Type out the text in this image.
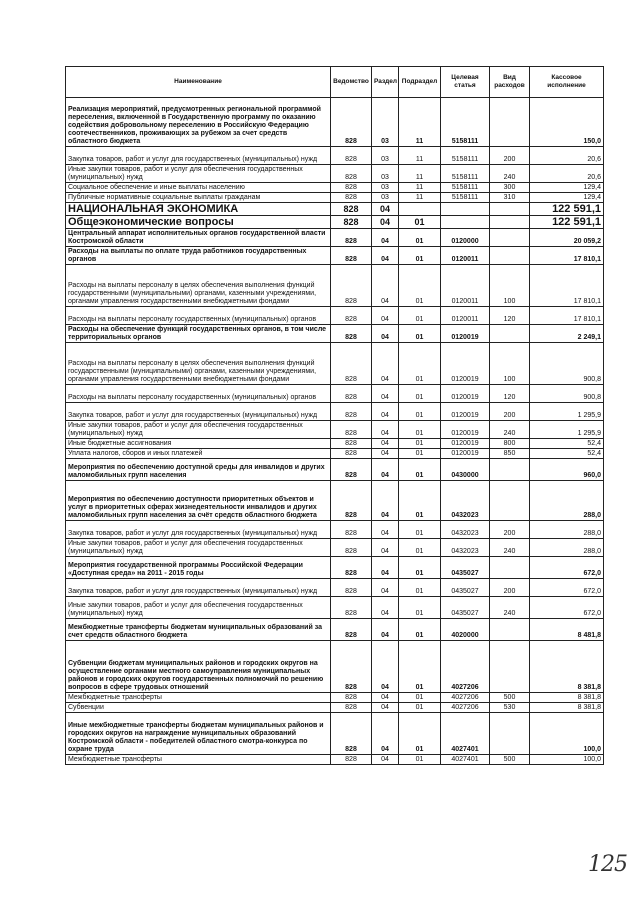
Наименование	Ведомство	Раздел	Подраздел	Целевая статья	Вид расходов	Кассовое исполнение
Реализация мероприятий, предусмотренных региональной программой переселения, включенной в Государственную программу по оказанию содействия добровольному переселению в Российскую Федерацию соотечественников, проживающих за рубежом за счет средств областного бюджета	828	03	11	5158111		150,0
Закупка товаров, работ и услуг для государственных (муниципальных) нужд	828	03	11	5158111	200	20,6
Иные закупки товаров, работ и услуг для обеспечения государственных (муниципальных) нужд	828	03	11	5158111	240	20,6
Социальное обеспечение и иные выплаты населению	828	03	11	5158111	300	129,4
Публичные нормативные социальные выплаты гражданам	828	03	11	5158111	310	129,4
НАЦИОНАЛЬНАЯ ЭКОНОМИКА	828	04				122 591,1
Общеэкономические вопросы	828	04	01			122 591,1
Центральный аппарат исполнительных органов государственной власти Костромской области	828	04	01	0120000		20 059,2
Расходы на выплаты по оплате труда работников государственных органов	828	04	01	0120011		17 810,1
Расходы на выплаты персоналу в целях обеспечения выполнения функций государственными (муниципальными) органами, казенными учреждениями, органами управления государственными внебюджетными фондами	828	04	01	0120011	100	17 810,1
Расходы на выплаты персоналу государственных (муниципальных) органов	828	04	01	0120011	120	17 810,1
Расходы на обеспечение функций государственных органов, в том числе территориальных органов	828	04	01	0120019		2 249,1
Расходы на выплаты персоналу в целях обеспечения выполнения функций государственными (муниципальными) органами, казенными учреждениями, органами управления государственными внебюджетными фондами	828	04	01	0120019	100	900,8
Расходы на выплаты персоналу государственных (муниципальных) органов	828	04	01	0120019	120	900,8
Закупка товаров, работ и услуг для государственных (муниципальных) нужд	828	04	01	0120019	200	1 295,9
Иные закупки товаров, работ и услуг для обеспечения государственных (муниципальных) нужд	828	04	01	0120019	240	1 295,9
Иные бюджетные ассигнования	828	04	01	0120019	800	52,4
Уплата налогов, сборов и иных платежей	828	04	01	0120019	850	52,4
Мероприятия по обеспечению доступной среды для инвалидов и других маломобильных групп населения	828	04	01	0430000		960,0
Мероприятия по обеспечению доступности приоритетных объектов и услуг в приоритетных сферах жизнедеятельности инвалидов и других маломобильных групп населения за счёт средств областного бюджета	828	04	01	0432023		288,0
Закупка товаров, работ и услуг для государственных (муниципальных) нужд	828	04	01	0432023	200	288,0
Иные закупки товаров, работ и услуг для обеспечения государственных (муниципальных) нужд	828	04	01	0432023	240	288,0
Мероприятия государственной программы Российской Федерации «Доступная среда» на 2011 - 2015 годы	828	04	01	0435027		672,0
Закупка товаров, работ и услуг для государственных (муниципальных) нужд	828	04	01	0435027	200	672,0
Иные закупки товаров, работ и услуг для обеспечения государственных (муниципальных) нужд	828	04	01	0435027	240	672,0
Межбюджетные трансферты бюджетам муниципальных образований за счет средств областного бюджета	828	04	01	4020000		8 481,8
Субвенции бюджетам муниципальных районов и городских округов на осуществление органами местного самоуправления муниципальных районов и городских округов государственных полномочий по решению вопросов в сфере трудовых отношений	828	04	01	4027206		8 381,8
Межбюджетные трансферты	828	04	01	4027206	500	8 381,8
Субвенции	828	04	01	4027206	530	8 381,8
Иные межбюджетные трансферты бюджетам муниципальных районов и городских округов на награждение муниципальных образований Костромской области - победителей областного смотра-конкурса по охране труда	828	04	01	4027401		100,0
Межбюджетные трансферты	828	04	01	4027401	500	100,0
125
